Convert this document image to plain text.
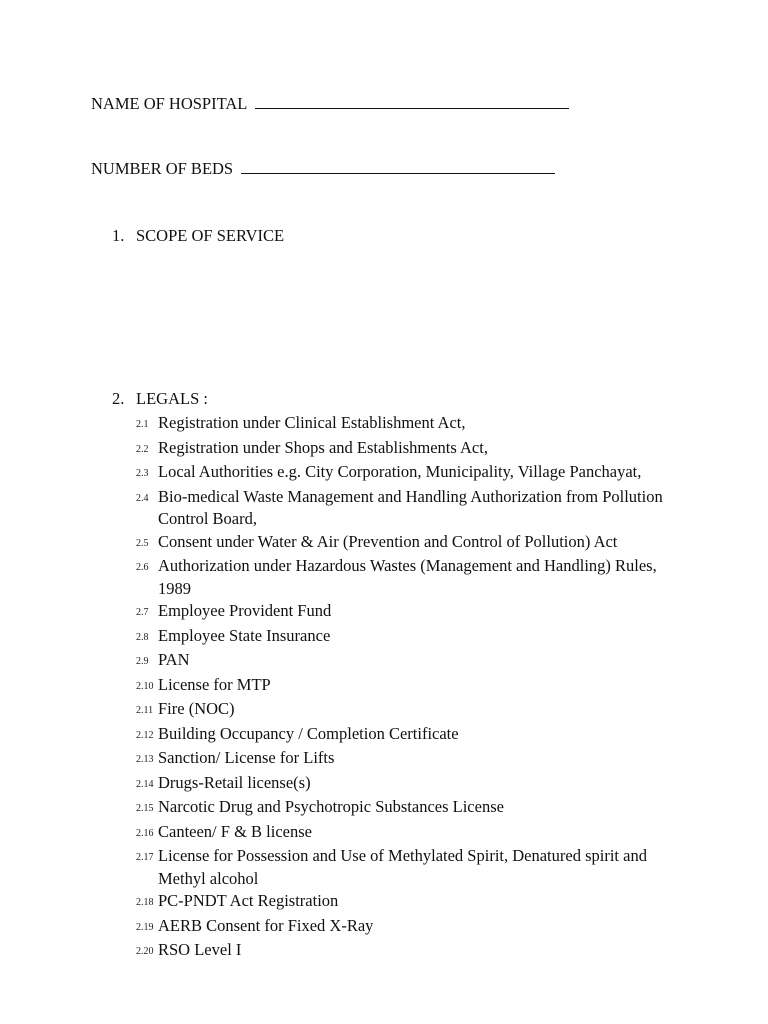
NAME OF HOSPITAL
NUMBER OF BEDS
1. SCOPE OF SERVICE
2. LEGALS :
2.1 Registration under Clinical Establishment Act,
2.2 Registration under Shops and Establishments Act,
2.3 Local Authorities e.g. City Corporation, Municipality, Village Panchayat,
2.4 Bio-medical Waste Management and Handling Authorization from Pollution Control Board,
2.5 Consent under Water & Air (Prevention and Control of Pollution) Act
2.6 Authorization under Hazardous Wastes (Management and Handling) Rules, 1989
2.7 Employee Provident Fund
2.8 Employee State Insurance
2.9 PAN
2.10 License for MTP
2.11 Fire (NOC)
2.12 Building Occupancy / Completion Certificate
2.13 Sanction/ License for Lifts
2.14 Drugs-Retail license(s)
2.15 Narcotic Drug and Psychotropic Substances License
2.16 Canteen/ F & B license
2.17 License for Possession and Use of Methylated Spirit, Denatured spirit and Methyl alcohol
2.18 PC-PNDT Act Registration
2.19 AERB Consent for Fixed X-Ray
2.20 RSO Level I
